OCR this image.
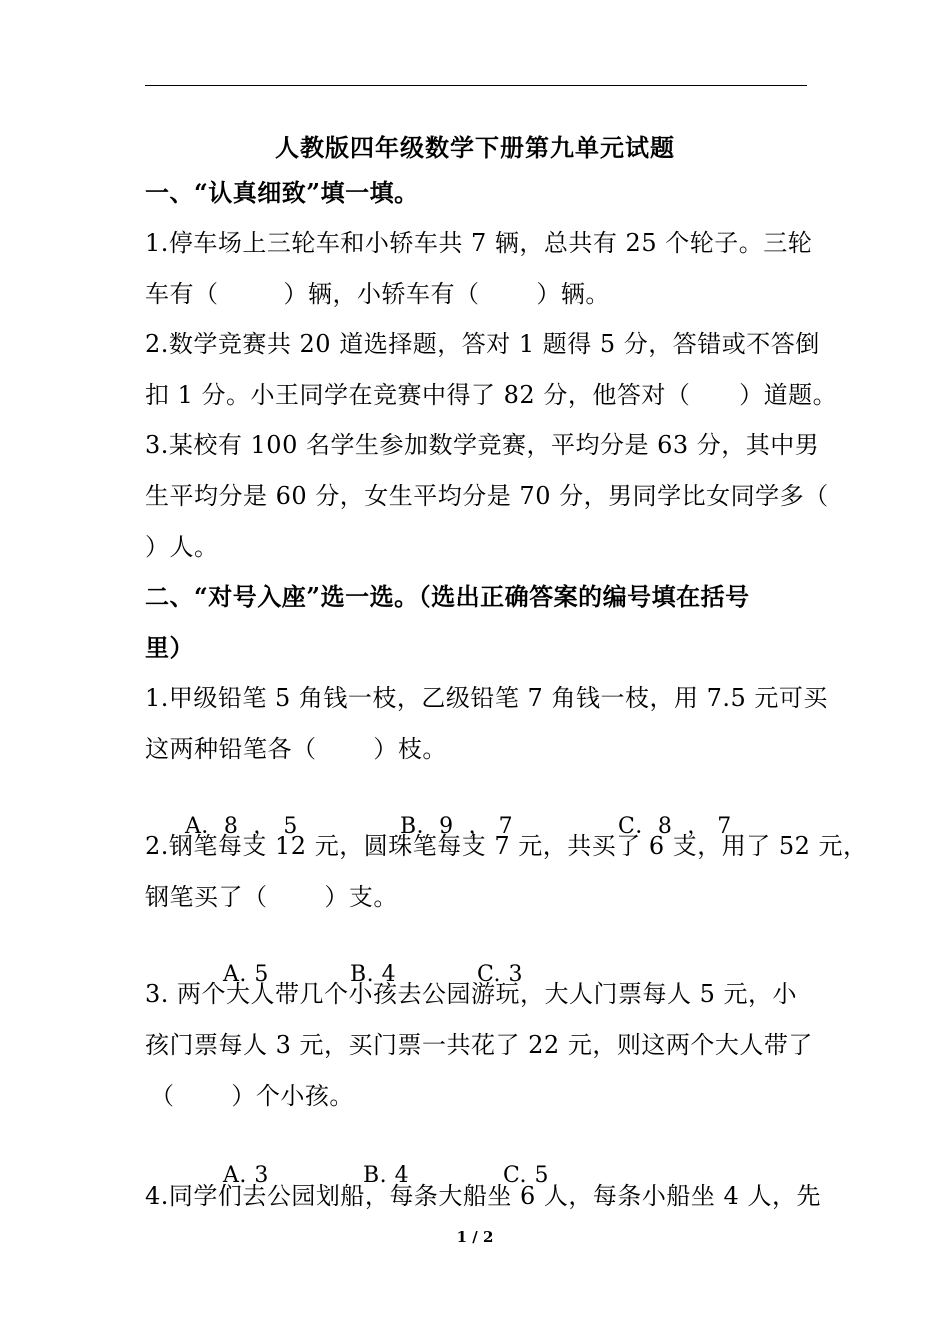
人教版四年级数学下册第九单元试题
一、“认真细致”填一填。
1.停车场上三轮车和小轿车共 7 辆，总共有 25 个轮子。三轮
车有（        ）辆，小轿车有（       ）辆。
2.数学竞赛共 20 道选择题，答对 1 题得 5 分，答错或不答倒
扣 1 分。小王同学在竞赛中得了 82 分，他答对（      ）道题。
3.某校有 100 名学生参加数学竞赛，平均分是 63 分，其中男
生平均分是 60 分，女生平均分是 70 分，男同学比女同学多（
）人。
二、“对号入座”选一选。（选出正确答案的编号填在括号
里）
1.甲级铅笔 5 角钱一枝，乙级铅笔 7 角钱一枝，用 7.5 元可买
这两种铅笔各（       ）枝。

A．8  ， 5	B．9  ， 7	C．8  ， 7

2.钢笔每支 12 元，圆珠笔每支 7 元，共买了 6 支，用了 52 元，
钢笔买了（       ）支。

A. 5	B. 4	C. 3

3. 两个大人带几个小孩去公园游玩，大人门票每人 5 元，小
孩门票每人 3 元，买门票一共花了 22 元，则这两个大人带了
（       ）个小孩。

A. 3	B. 4	C. 5

4.同学们去公园划船，每条大船坐 6 人，每条小船坐 4 人，先
1 / 2
